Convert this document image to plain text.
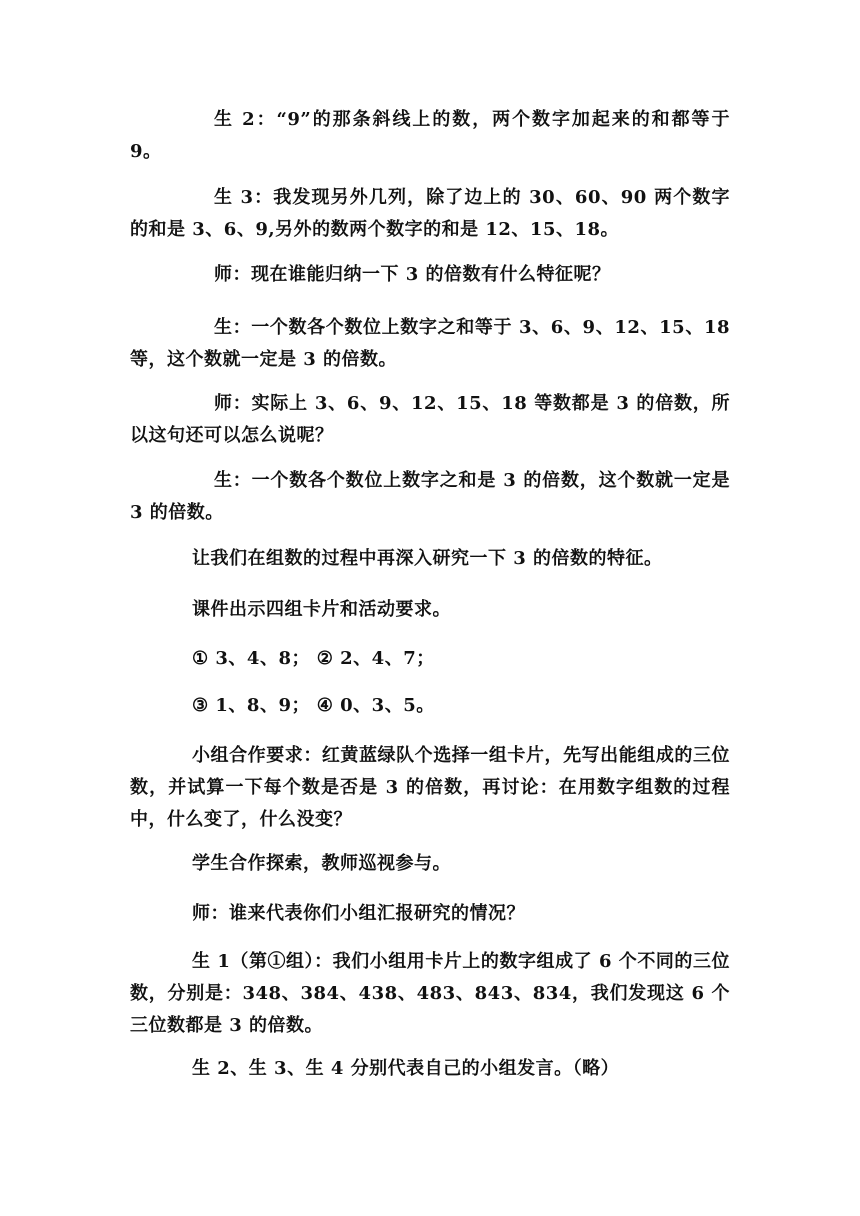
生 2：“9”的那条斜线上的数，两个数字加起来的和都等于 9。

生 3：我发现另外几列，除了边上的 30、60、90 两个数字的和是 3、6、9,另外的数两个数字的和是 12、15、18。

师：现在谁能归纳一下 3 的倍数有什么特征呢？

生：一个数各个数位上数字之和等于 3、6、9、12、15、18 等，这个数就一定是 3 的倍数。

师：实际上 3、6、9、12、15、18 等数都是 3 的倍数，所以这句还可以怎么说呢？

生：一个数各个数位上数字之和是 3 的倍数，这个数就一定是 3 的倍数。

让我们在组数的过程中再深入研究一下 3 的倍数的特征。

课件出示四组卡片和活动要求。

① 3、4、8； ② 2、4、7；

③ 1、8、9； ④ 0、3、5。

小组合作要求：红黄蓝绿队个选择一组卡片，先写出能组成的三位数，并试算一下每个数是否是 3 的倍数，再讨论：在用数字组数的过程中，什么变了，什么没变？

学生合作探索，教师巡视参与。

师：谁来代表你们小组汇报研究的情况？

生 1（第①组）：我们小组用卡片上的数字组成了 6 个不同的三位数，分别是：348、384、438、483、843、834，我们发现这 6 个三位数都是 3 的倍数。

生 2、生 3、生 4 分别代表自己的小组发言。（略）
